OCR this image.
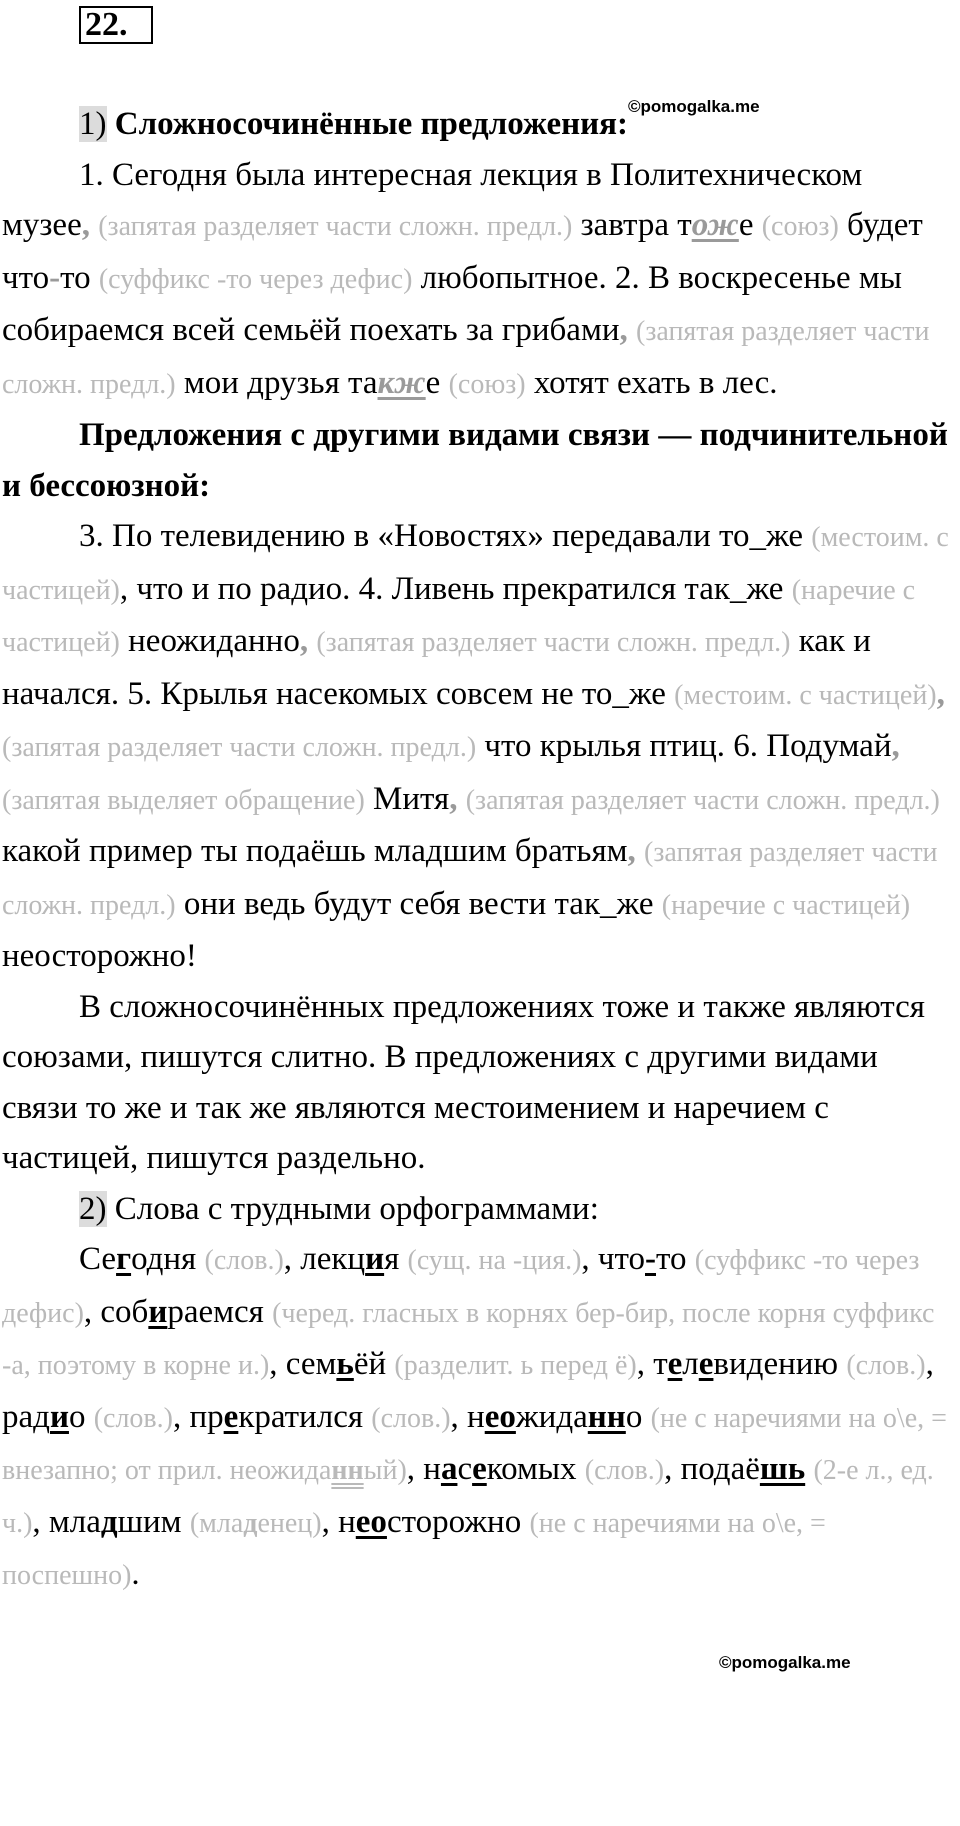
22.

1) Сложносочинённые предложения:$^{©pomogalka.me}$

1. Сегодня была интересная лекция в Политехническом музее, (запятая разделяет части сложн. предл.) завтра тоже (союз) будет что-то (суффикс -то через дефис) любопытное. 2. В воскресенье мы собираемся всей семьёй поехать за грибами, (запятая разделяет части сложн. предл.) мои друзья также (союз) хотят ехать в лес.

Предложения с другими видами связи — подчинительной и бессоюзной:

3. По телевидению в «Новостях» передавали то_же (местоим. с частицей), что и по радио. 4. Ливень прекратился так_же (наречие с частицей) неожиданно, (запятая разделяет части сложн. предл.) как и начался. 5. Крылья насекомых совсем не то_же (местоим. с частицей), (запятая разделяет части сложн. предл.) что крылья птиц. 6. Подумай, (запятая выделяет обращение) Митя, (запятая разделяет части сложн. предл.) какой пример ты подаёшь младшим братьям, (запятая разделяет части сложн. предл.) они ведь будут себя вести так_же (наречие с частицей) неосторожно!

В сложносочинённых предложениях тоже и также являются союзами, пишутся слитно. В предложениях с другими видами связи то же и так же являются местоимением и наречием с частицей, пишутся раздельно.

2) Слова с трудными орфограммами:

Сегодня (слов.), лекция (сущ. на -ция.), что-то (суффикс -то через дефис), собираемся (черед. гласных в корнях бер-бир, после корня суффикс -а, поэтому в корне и.), семьёй (разделит. ь перед ё), телевидению (слов.), радио (слов.), прекратился (слов.), неожиданно (не с наречиями на о\е, = внезапно; от прил. неожиданный), насекомых (слов.), подаёшь (2-е л., ед. ч.), младшим (младенец), неосторожно (не с наречиями на о\е, = поспешно).

©pomogalka.me
